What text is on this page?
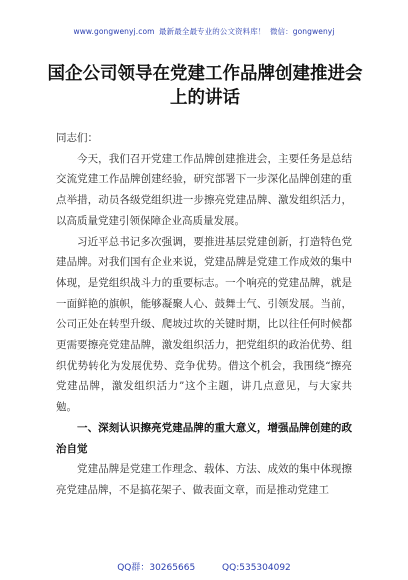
www.gongwenyj.com 最新最全最专业的公文资料库！ 微信：gongwenyj
国企公司领导在党建工作品牌创建推进会上的讲话

同志们：

今天，我们召开党建工作品牌创建推进会，主要任务是总结交流党建工作品牌创建经验，研究部署下一步深化品牌创建的重点举措，动员各级党组织进一步擦亮党建品牌、激发组织活力，以高质量党建引领保障企业高质量发展。

习近平总书记多次强调，要推进基层党建创新，打造特色党建品牌。对我们国有企业来说，党建品牌是党建工作成效的集中体现，是党组织战斗力的重要标志。一个响亮的党建品牌，就是一面鲜艳的旗帜，能够凝聚人心、鼓舞士气、引领发展。当前，公司正处在转型升级、爬坡过坎的关键时期，比以往任何时候都更需要擦亮党建品牌，激发组织活力，把党组织的政治优势、组织优势转化为发展优势、竞争优势。借这个机会，我围绕“擦亮党建品牌，激发组织活力”这个主题，讲几点意见，与大家共勉。

一、深刻认识擦亮党建品牌的重大意义，增强品牌创建的政治自觉

党建品牌是党建工作理念、载体、方法、成效的集中体现擦亮党建品牌，不是搞花架子、做表面文章，而是推动党建工

QQ群：30265665	QQ:535304092
